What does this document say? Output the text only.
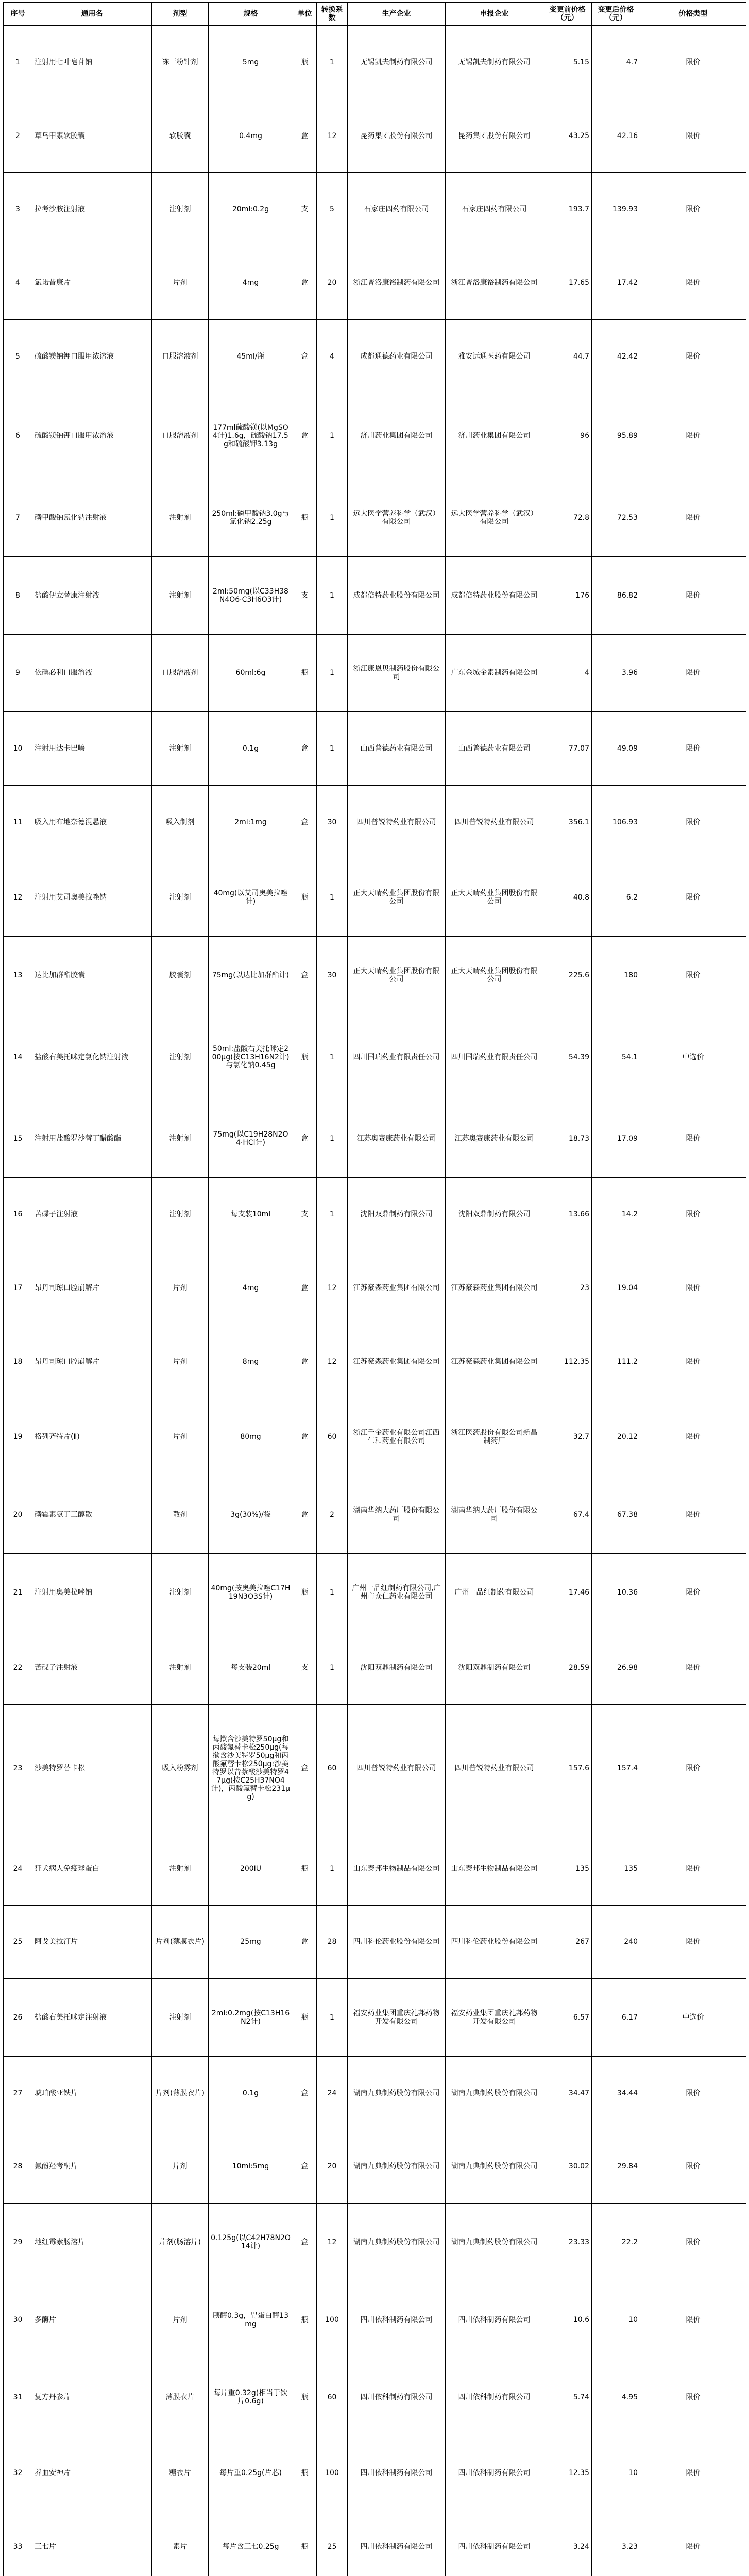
序号	通用名	剂型	规格	单位	转换系数	生产企业	申报企业	变更前价格（元）	变更后价格（元）	价格类型
1	注射用七叶皂苷钠	冻干粉针剂	5mg	瓶	1	无锡凯夫制药有限公司	无锡凯夫制药有限公司	5.15	4.7	限价
2	草乌甲素软胶囊	软胶囊	0.4mg	盒	12	昆药集团股份有限公司	昆药集团股份有限公司	43.25	42.16	限价
3	拉考沙胺注射液	注射剂	20ml:0.2g	支	5	石家庄四药有限公司	石家庄四药有限公司	193.7	139.93	限价
4	氯诺昔康片	片剂	4mg	盒	20	浙江普洛康裕制药有限公司	浙江普洛康裕制药有限公司	17.65	17.42	限价
5	硫酸镁钠钾口服用浓溶液	口服溶液剂	45ml/瓶	盒	4	成都通德药业有限公司	雅安远通医药有限公司	44.7	42.42	限价
6	硫酸镁钠钾口服用浓溶液	口服溶液剂	177ml硫酸镁(以MgSO4计)1.6g，硫酸钠17.5g和硫酸钾3.13g	盒	1	济川药业集团有限公司	济川药业集团有限公司	96	95.89	限价
7	磷甲酸钠氯化钠注射液	注射剂	250ml:磷甲酸钠3.0g与氯化钠2.25g	瓶	1	远大医学营养科学（武汉）有限公司	远大医学营养科学（武汉）有限公司	72.8	72.53	限价
8	盐酸伊立替康注射液	注射剂	2ml:50mg(以C33H38N4O6·C3H6O3计)	支	1	成都倍特药业股份有限公司	成都倍特药业股份有限公司	176	86.82	限价
9	依碘必利口服溶液	口服溶液剂	60ml:6g	瓶	1	浙江康恩贝制药股份有限公司	广东金城金素制药有限公司	4	3.96	限价
10	注射用达卡巴嗪	注射剂	0.1g	盒	1	山西普德药业有限公司	山西普德药业有限公司	77.07	49.09	限价
11	吸入用布地奈德混悬液	吸入制剂	2ml:1mg	盒	30	四川普锐特药业有限公司	四川普锐特药业有限公司	356.1	106.93	限价
12	注射用艾司奥美拉唑钠	注射剂	40mg(以艾司奥美拉唑计)	瓶	1	正大天晴药业集团股份有限公司	正大天晴药业集团股份有限公司	40.8	6.2	限价
13	达比加群酯胶囊	胶囊剂	75mg(以达比加群酯计)	盒	30	正大天晴药业集团股份有限公司	正大天晴药业集团股份有限公司	225.6	180	限价
14	盐酸右美托咪定氯化钠注射液	注射剂	50ml:盐酸右美托咪定200μg(按C13H16N2计)与氯化钠0.45g	瓶	1	四川国瑞药业有限责任公司	四川国瑞药业有限责任公司	54.39	54.1	中选价
15	注射用盐酸罗沙替丁醋酸酯	注射剂	75mg(以C19H28N2O4·HCl计)	盒	1	江苏奥赛康药业有限公司	江苏奥赛康药业有限公司	18.73	17.09	限价
16	苦碟子注射液	注射剂	每支装10ml	支	1	沈阳双鼎制药有限公司	沈阳双鼎制药有限公司	13.66	14.2	限价
17	昂丹司琼口腔崩解片	片剂	4mg	盒	12	江苏豪森药业集团有限公司	江苏豪森药业集团有限公司	23	19.04	限价
18	昂丹司琼口腔崩解片	片剂	8mg	盒	12	江苏豪森药业集团有限公司	江苏豪森药业集团有限公司	112.35	111.2	限价
19	格列齐特片(Ⅱ)	片剂	80mg	盒	60	浙江千金药业有限公司江西仁和药业有限公司	浙江医药股份有限公司新昌制药厂	32.7	20.12	限价
20	磷霉素氨丁三醇散	散剂	3g(30%)/袋	盒	2	湖南华纳大药厂股份有限公司	湖南华纳大药厂股份有限公司	67.4	67.38	限价
21	注射用奥美拉唑钠	注射剂	40mg(按奥美拉唑C17H19N3O3S计)	瓶	1	广州一品红制药有限公司,广州市众仁药业有限公司	广州一品红制药有限公司	17.46	10.36	限价
22	苦碟子注射液	注射剂	每支装20ml	支	1	沈阳双鼎制药有限公司	沈阳双鼎制药有限公司	28.59	26.98	限价
23	沙美特罗替卡松	吸入粉雾剂	每揿含沙美特罗50μg和丙酸氟替卡松250μg(每揿含沙美特罗50μg和丙酸氟替卡松250μg:沙美特罗以昔萘酸沙美特罗47μg(按C25H37NO4计)，丙酸氟替卡松231μg)	盒	60	四川普锐特药业有限公司	四川普锐特药业有限公司	157.6	157.4	限价
24	狂犬病人免疫球蛋白	注射剂	200IU	瓶	1	山东泰邦生物制品有限公司	山东泰邦生物制品有限公司	135	135	限价
25	阿戈美拉汀片	片剂(薄膜衣片)	25mg	盒	28	四川科伦药业股份有限公司	四川科伦药业股份有限公司	267	240	限价
26	盐酸右美托咪定注射液	注射剂	2ml:0.2mg(按C13H16N2计)	瓶	1	福安药业集团重庆礼邦药物开发有限公司	福安药业集团重庆礼邦药物开发有限公司	6.57	6.17	中选价
27	琥珀酸亚铁片	片剂(薄膜衣片)	0.1g	盒	24	湖南九典制药股份有限公司	湖南九典制药股份有限公司	34.47	34.44	限价
28	氨酚羟考酮片	片剂	10ml:5mg	盒	20	湖南九典制药股份有限公司	湖南九典制药股份有限公司	30.02	29.84	限价
29	地红霉素肠溶片	片剂(肠溶片)	0.125g(以C42H78N2O14计)	盒	12	湖南九典制药股份有限公司	湖南九典制药股份有限公司	23.33	22.2	限价
30	多酶片	片剂	胰酶0.3g，胃蛋白酶13mg	瓶	100	四川依科制药有限公司	四川依科制药有限公司	10.6	10	限价
31	复方丹参片	薄膜衣片	每片重0.32g(相当于饮片0.6g)	瓶	60	四川依科制药有限公司	四川依科制药有限公司	5.74	4.95	限价
32	养血安神片	糖衣片	每片重0.25g(片芯)	瓶	100	四川依科制药有限公司	四川依科制药有限公司	12.35	10	限价
33	三七片	素片	每片含三七0.25g	瓶	25	四川依科制药有限公司	四川依科制药有限公司	3.24	3.23	限价
